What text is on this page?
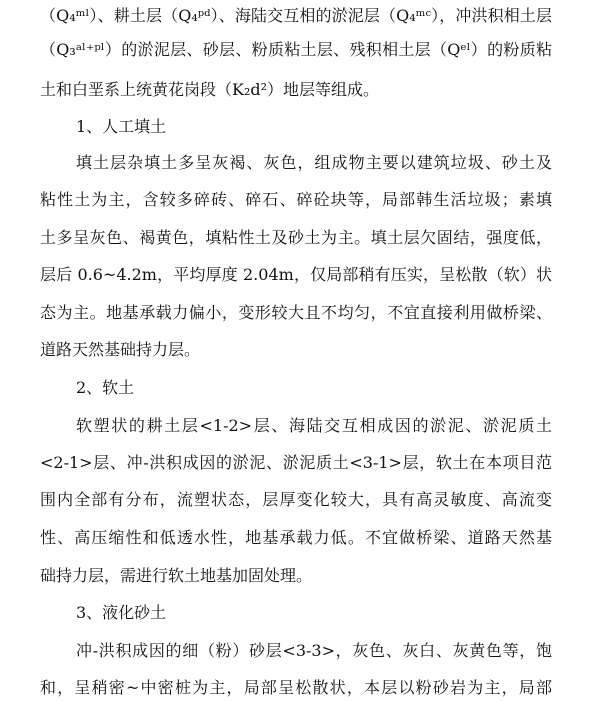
（Q₄ᵐˡ）、耕土层（Q₄ᵖᵈ）、海陆交互相的淤泥层（Q₄ᵐᶜ），冲洪积相土层
（Q₃ᵃˡ⁺ᵖˡ）的淤泥层、砂层、粉质粘土层、残积相土层（Qᵉˡ）的粉质粘
土和白垩系上统黄花岗段（K₂d²）地层等组成。
1、人工填土
填土层杂填土多呈灰褐、灰色，组成物主要以建筑垃圾、砂土及
粘性土为主，含较多碎砖、碎石、碎砼块等，局部韩生活垃圾；素填
土多呈灰色、褐黄色，填粘性土及砂土为主。填土层欠固结，强度低，
层后 0.6~4.2m，平均厚度 2.04m，仅局部稍有压实，呈松散（软）状
态为主。地基承载力偏小，变形较大且不均匀，不宜直接利用做桥梁、
道路天然基础持力层。
2、软土
软塑状的耕土层<1-2>层、海陆交互相成因的淤泥、淤泥质土
<2-1>层、冲-洪积成因的淤泥、淤泥质土<3-1>层，软土在本项目范
围内全部有分布，流塑状态，层厚变化较大，具有高灵敏度、高流变
性、高压缩性和低透水性，地基承载力低。不宜做桥梁、道路天然基
础持力层，需进行软土地基加固处理。
3、液化砂土
冲-洪积成因的细（粉）砂层<3-3>，灰色、灰白、灰黄色等，饱
和，呈稍密~中密桩为主，局部呈松散状，本层以粉砂岩为主，局部
